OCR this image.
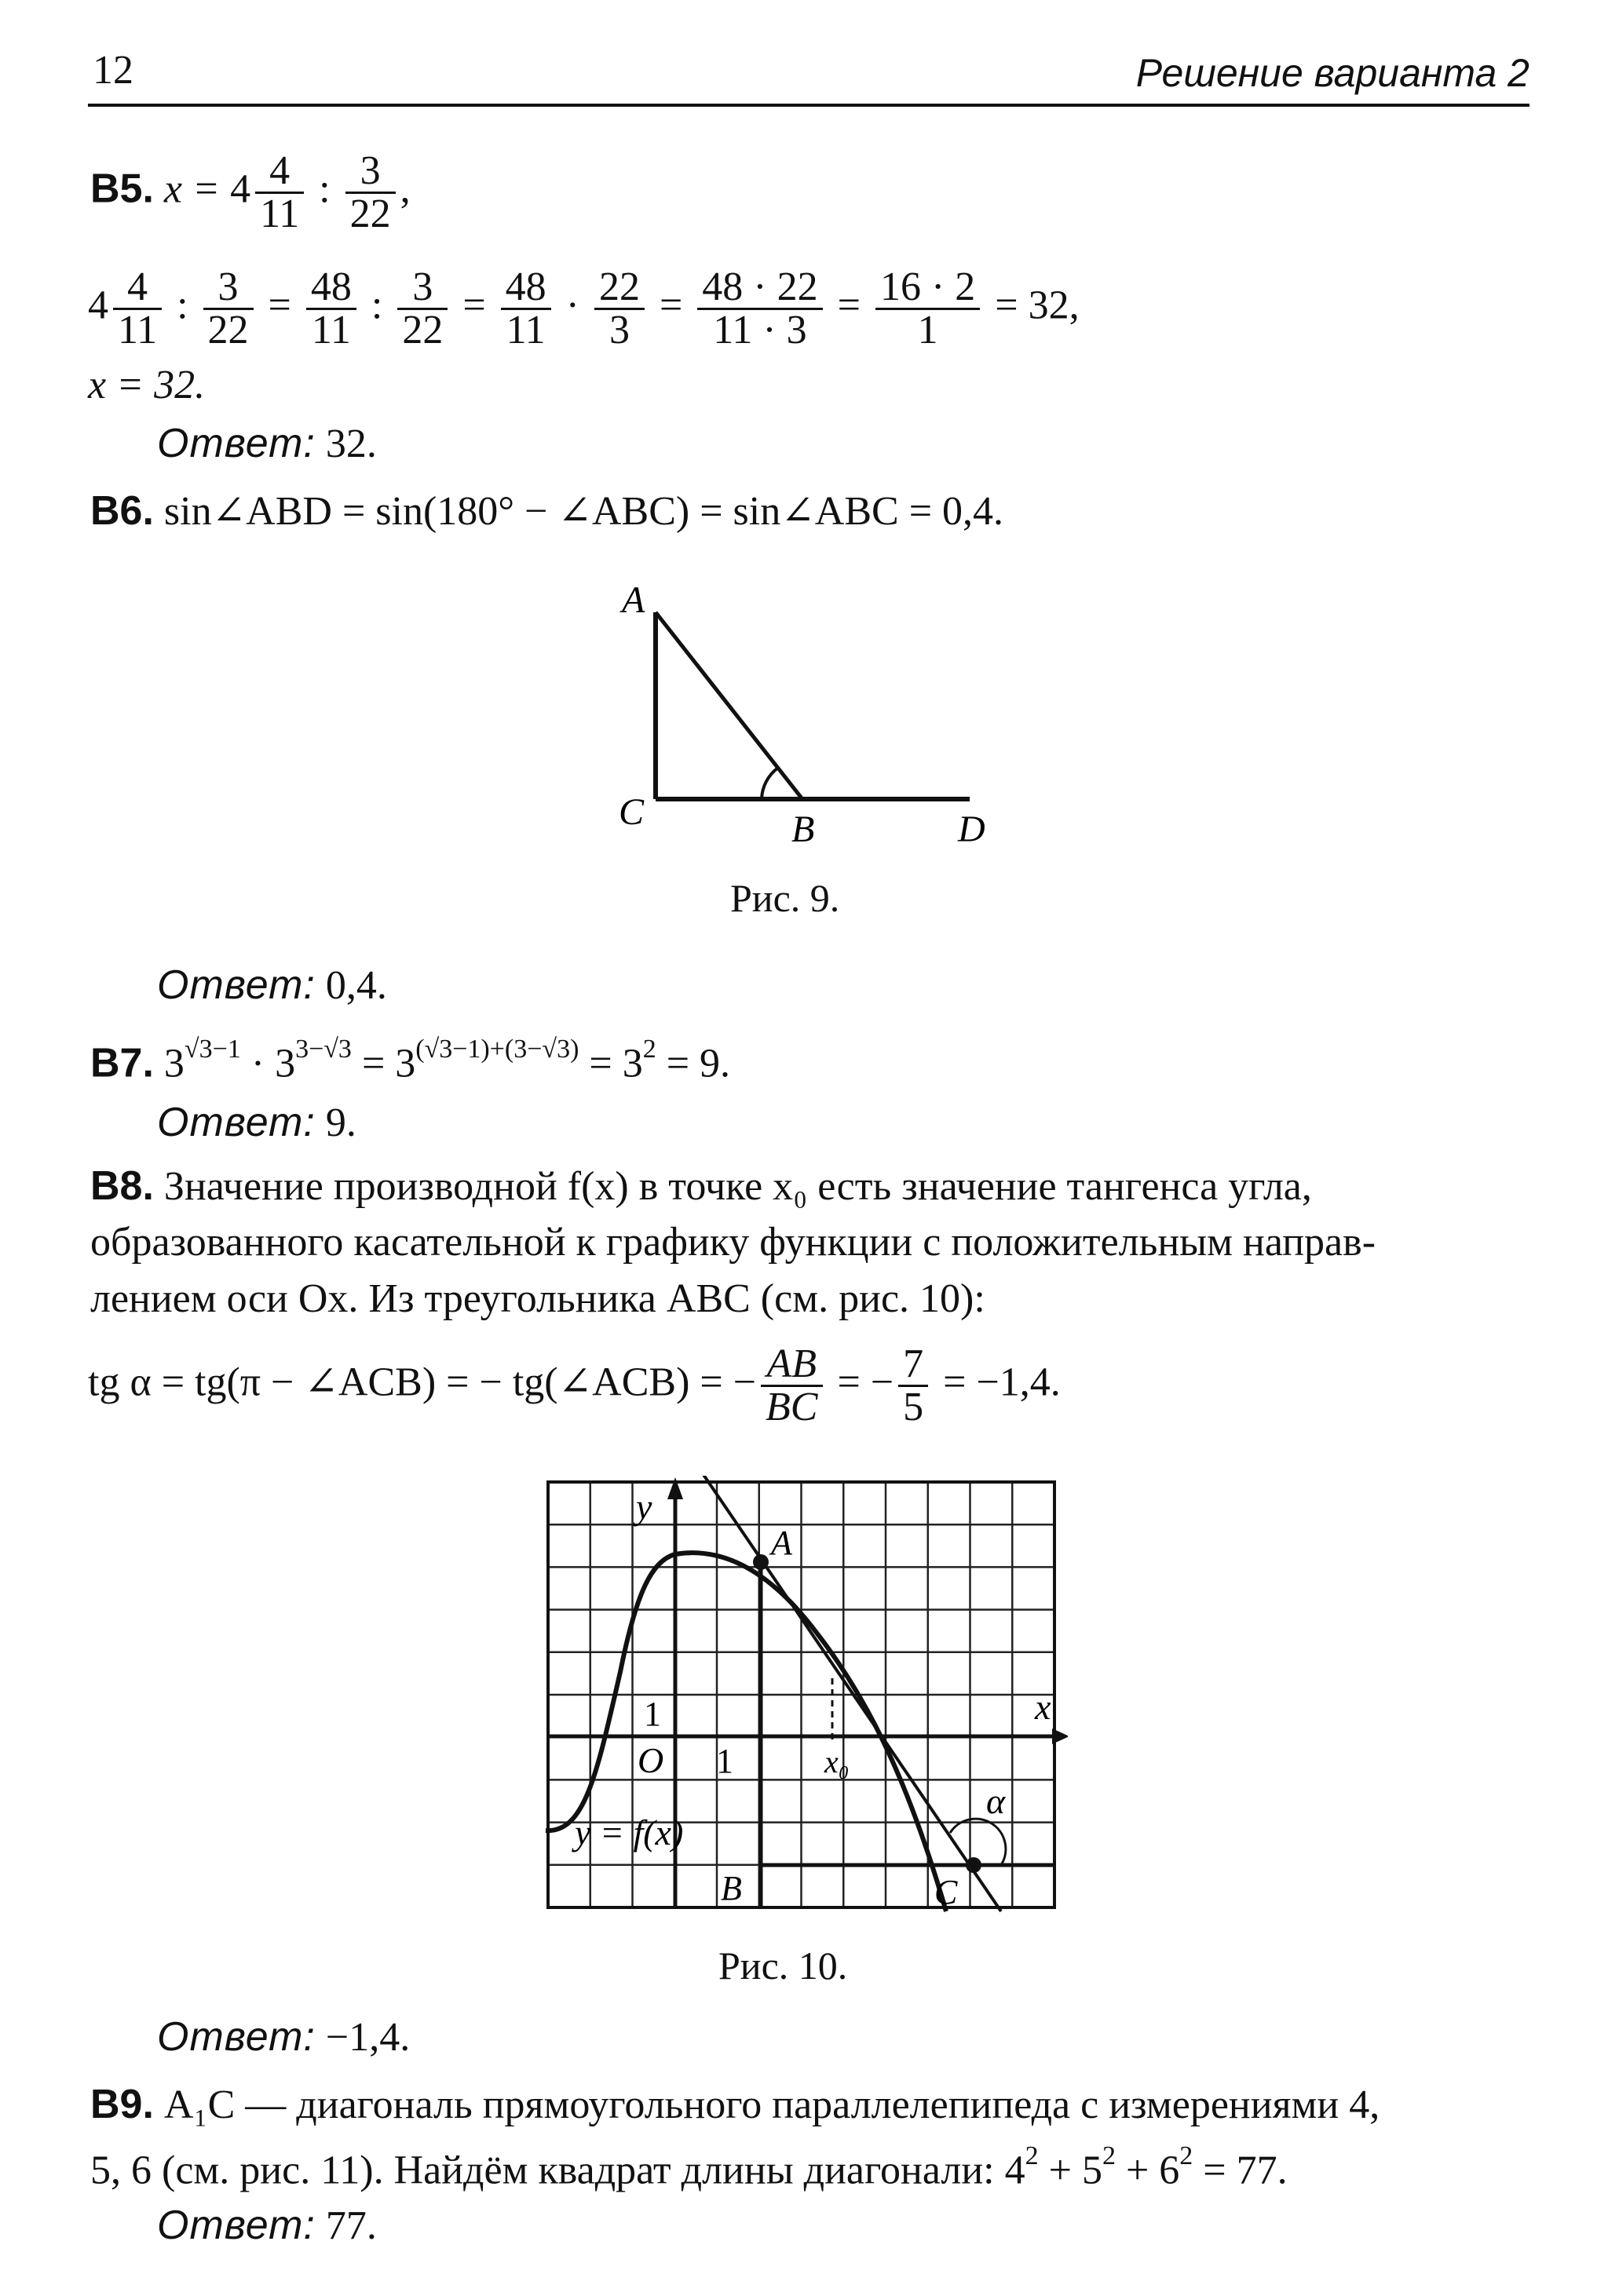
12	Решение варианта 2
В5. $x = 4 \frac{4}{11}$ : $\frac{3}{22}$ ,
$4 \frac{4}{11}$ : $\frac{3}{22} = \frac{48}{11}$ : $\frac{3}{22} = \frac{48}{11} \cdot \frac{22}{3} = \frac{48 \cdot 22}{11 \cdot 3} = \frac{16 \cdot 2}{1} = 32$,
x = 32.
Ответ: 32.
В6. sin∠ABD = sin(180° − ∠ABC) = sin∠ABC = 0,4.
A
C	B	D
Рис. 9.
Ответ: 0,4.
В7. $3^{√3-1} \cdot 3^{3-√3} = 3^{(√3-1)+(3-√3)} = 3^2 = 9$.
Ответ: 9.
В8. Значение производной f(x) в точке x₀ есть значение тангенса угла,
образованного касательной к графику функции с положительным направ-
лением оси Ox. Из треугольника ABC (см. рис. 10):
tg α = tg(π − ∠ACB) = − tg(∠ACB) = − $\frac{AB}{BC}$ = − $\frac{7}{5} = -1,4$.
y
x
A
1
O 1	x₀
α
y = f(x)
B	C
Рис. 10.
Ответ: −1,4.
В9. A₁C — диагональ прямоугольного параллелепипеда с измерениями 4,
5, 6 (см. рис. 11). Найдём квадрат длины диагонали: $4^2 + 5^2 + 6^2 = 77$.
Ответ: 77.
